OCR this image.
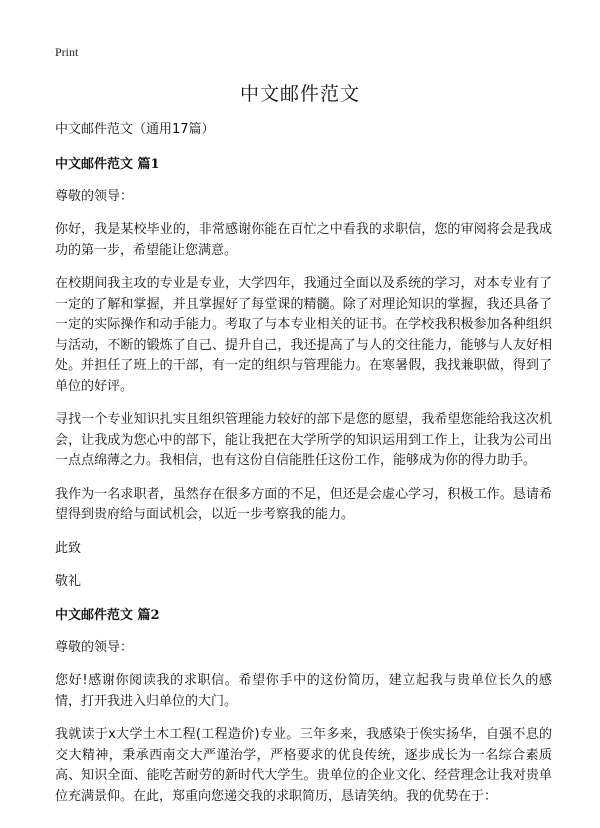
Print
中文邮件范文

中文邮件范文（通用17篇）

中文邮件范文 篇1

尊敬的领导：

你好，我是某校毕业的，非常感谢你能在百忙之中看我的求职信，您的审阅将会是我成功的第一步，希望能让您满意。

在校期间我主攻的专业是专业，大学四年，我通过全面以及系统的学习，对本专业有了一定的了解和掌握，并且掌握好了每堂课的精髓。除了对理论知识的掌握，我还具备了一定的实际操作和动手能力。考取了与本专业相关的证书。在学校我积极参加各种组织与活动，不断的锻炼了自己、提升自己，我还提高了与人的交往能力，能够与人友好相处。并担任了班上的干部，有一定的组织与管理能力。在寒暑假，我找兼职做，得到了单位的好评。

寻找一个专业知识扎实且组织管理能力较好的部下是您的愿望，我希望您能给我这次机会，让我成为您心中的部下，能让我把在大学所学的知识运用到工作上，让我为公司出一点点绵薄之力。我相信，也有这份自信能胜任这份工作，能够成为你的得力助手。

我作为一名求职者，虽然存在很多方面的不足，但还是会虚心学习，积极工作。恳请希望得到贵府给与面试机会，以近一步考察我的能力。

此致

敬礼

中文邮件范文 篇2

尊敬的领导：

您好!感谢你阅读我的求职信。希望你手中的这份简历，建立起我与贵单位长久的感情，打开我进入归单位的大门。

我就读于x大学土木工程(工程造价)专业。三年多来，我感染于俟实扬华，自强不息的交大精神，秉承西南交大严谨治学，严格要求的优良传统，逐步成长为一名综合素质高、知识全面、能吃苦耐劳的新时代大学生。贵单位的企业文化、经营理念让我对贵单位充满景仰。在此，郑重向您递交我的求职简历，恳请笑纳。我的优势在于：
